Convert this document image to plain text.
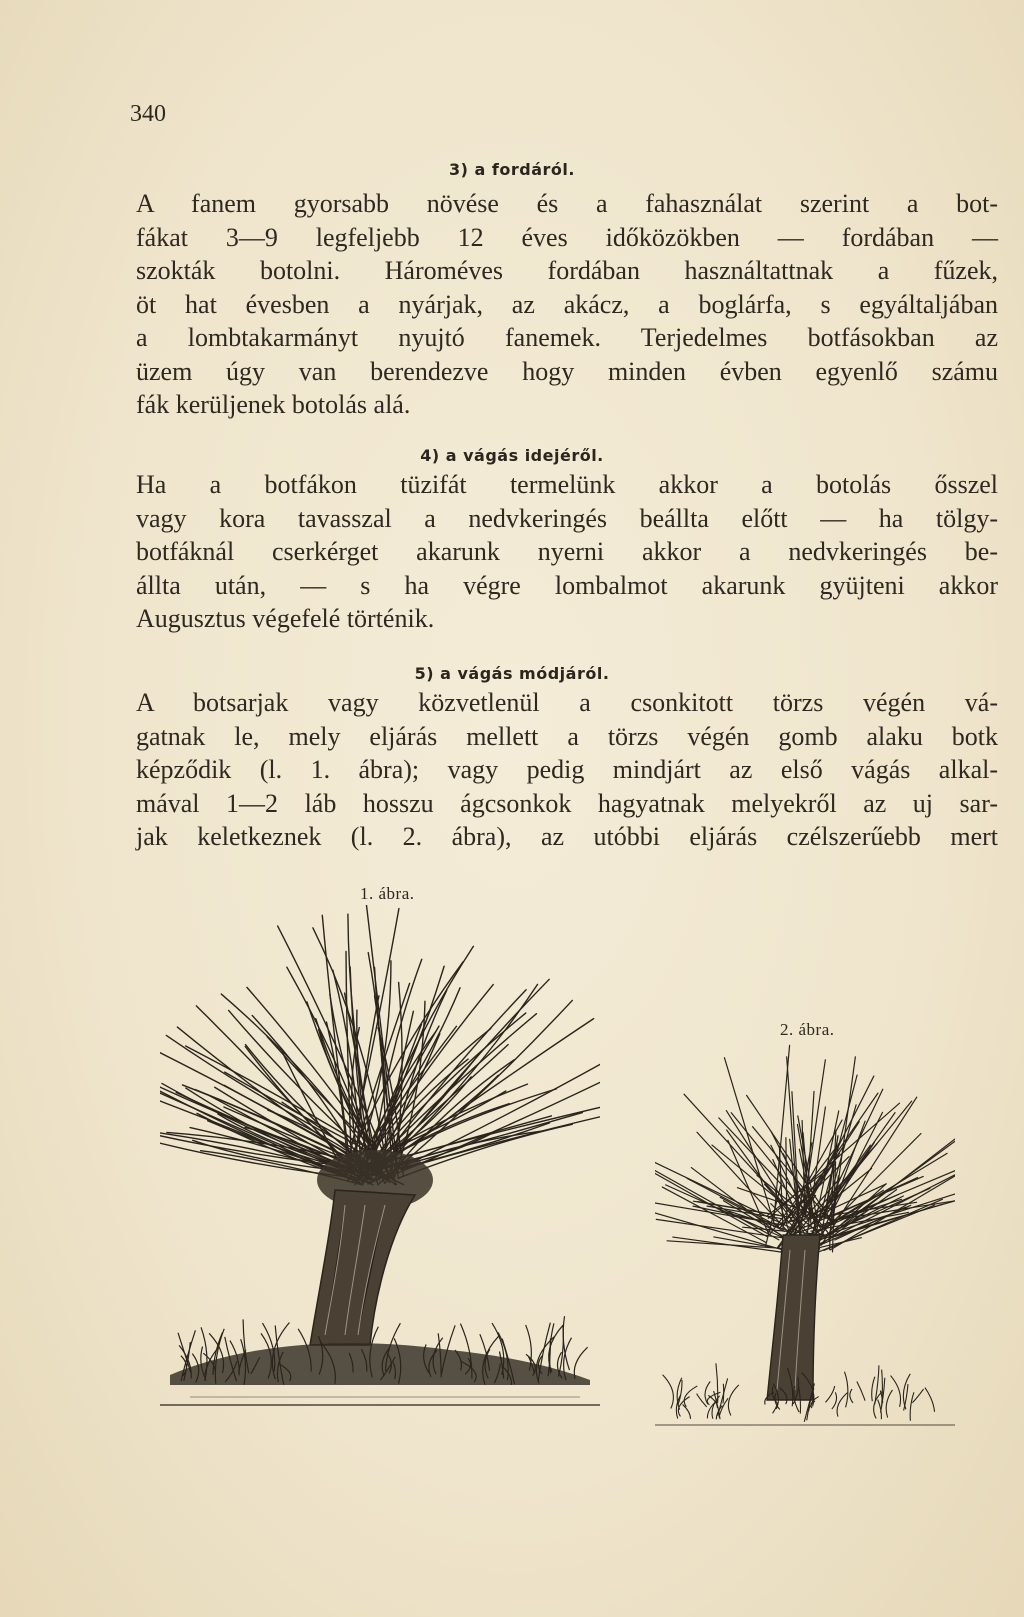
340
3) a fordáról.
A fanem gyorsabb növése és a fahasználat szerint a bot-
fákat 3—9 legfeljebb 12 éves időközökben — fordában —
szokták botolni. Hároméves fordában használtattnak a fűzek,
öt hat évesben a nyárjak, az akácz, a boglárfa, s egyáltaljában
a lombtakarmányt nyujtó fanemek. Terjedelmes botfásokban az
üzem úgy van berendezve hogy minden évben egyenlő számu
fák kerüljenek botolás alá.
4) a vágás idejéről.
Ha a botfákon tüzifát termelünk akkor a botolás ősszel
vagy kora tavasszal a nedvkeringés beállta előtt — ha tölgy-
botfáknál cserkérget akarunk nyerni akkor a nedvkeringés be-
állta után, — s ha végre lombalmot akarunk gyüjteni akkor
Augusztus végefelé történik.
5) a vágás módjáról.
A botsarjak vagy közvetlenül a csonkitott törzs végén vá-
gatnak le, mely eljárás mellett a törzs végén gomb alaku botk
képződik (l. 1. ábra); vagy pedig mindjárt az első vágás alkal-
mával 1—2 láb hosszu ágcsonkok hagyatnak melyekről az uj sar-
jak keletkeznek (l. 2. ábra), az utóbbi eljárás czélszerűebb mert
1. ábra.
2. ábra.
